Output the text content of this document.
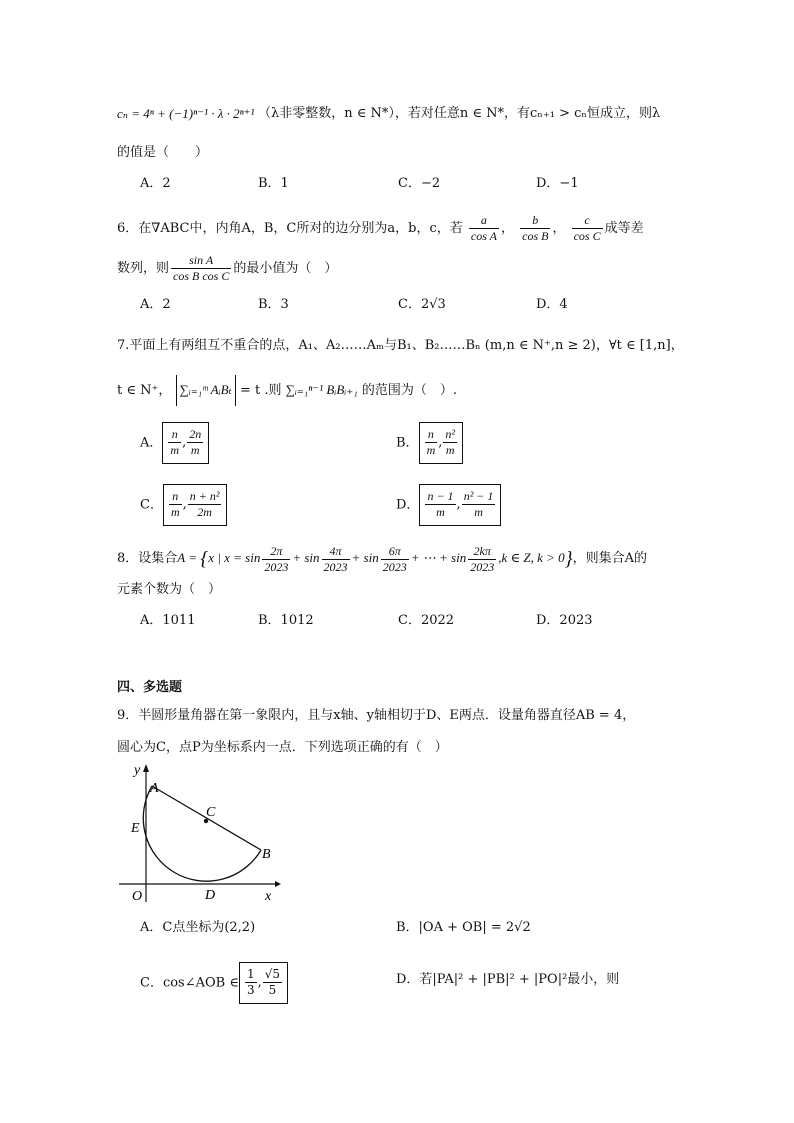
cₙ = 4ⁿ + (−1)ⁿ⁻¹ · λ · 2ⁿ⁺¹ （λ非零整数，n ∈ N*），若对任意n ∈ N*，有cₙ₊₁ > cₙ恒成立，则λ
的值是（　　）
A．2	B．1	C．−2	D．−1
6．在∇ABC中，内角A，B，C所对的边分别为a，b，c，若 $\frac{a}{\text{cos A}}$ ， $\frac{b}{\text{cos B}}$ ， $\frac{c}{\text{cos C}}$ 成等差
数列，则 $\frac{\text{sin A}}{\text{cos B cos C}}$ 的最小值为（　）
A．2	B．3	C．2√3	D．4
7.平面上有两组互不重合的点，A₁、A₂……Aₘ与B₁、B₂……Bₙ (m,n ∈ N⁺,n ≥ 2)，∀t ∈ [1,n]，
t ∈ N⁺， ∑ᵢ₌₁ᵐ AᵢBₜ = t .则 ∑ᵢ₌₁ⁿ⁻¹ BᵢBᵢ₊₁ 的范围为（　）.
A． $\frac{n}{m}$ , $\frac{2n}{m}$	B． $\frac{n}{m}$ , $\frac{\text{n²}}{m}$
C． $\frac{n}{m}$ , $\frac{\text{n + n²}}{2m}$	D． $\frac{n - 1}{m}$ , $\frac{\text{n² − 1}}{m}$
8．设集合A = {x | $x = \sin \frac{2\pi}{2023} + \sin \frac{4\pi}{2023} + \sin \frac{6\pi}{2023}$ + ⋯ + $\sin \frac{2k\pi}{2023} ,k$ ∈ Z, k > 0}，则集合A的
元素个数为（　）
A．1011	B．1012	C．2022	D．2023
四、多选题
9．半圆形量角器在第一象限内，且与x轴、y轴相切于D、E两点．设量角器直径AB = 4，
圆心为C，点P为坐标系内一点．下列选项正确的有（　）
y
x
O
A
B
C
D
E
A．C点坐标为(2,2)	B．|OA + OB| = 2√2
C．cos∠AOB ∈ $\frac{1}{3}$ , $\frac{√5}{5}$	D．若|PA|² + |PB|² + |PO|²最小，则
